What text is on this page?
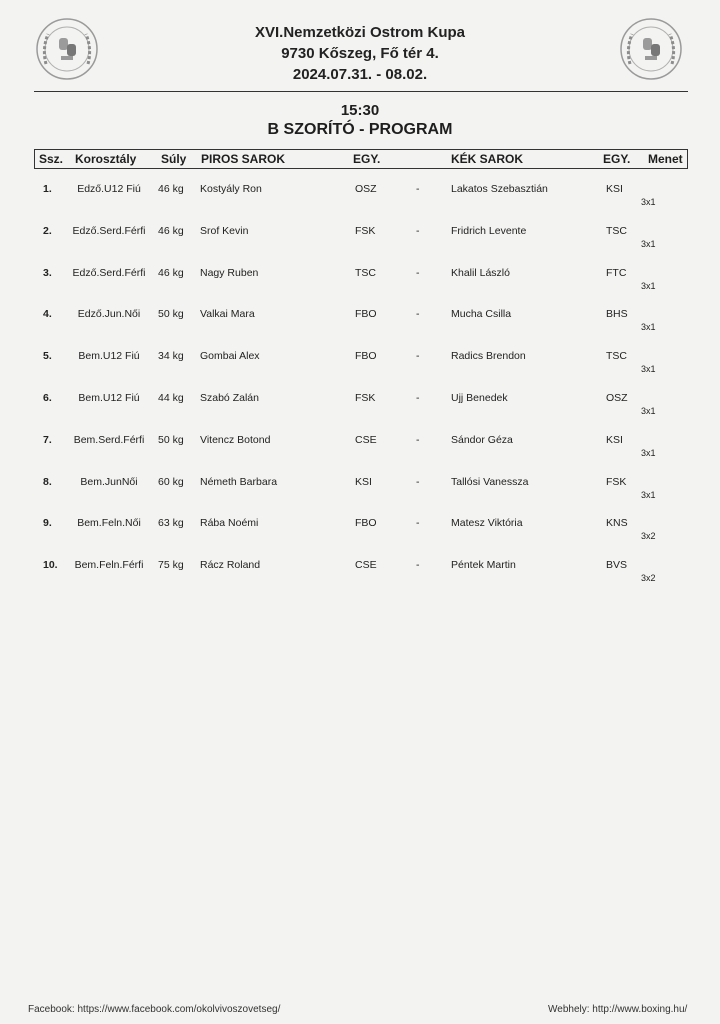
XVI.Nemzetközi Ostrom Kupa
9730 Kőszeg, Fő tér 4.
2024.07.31. - 08.02.
15:30
B SZORÍTÓ - PROGRAM
Ssz. Korosztály Súly PIROS SAROK	EGY.	KÉK SAROK	EGY. Menet
1.	Edző.U12 Fiú	46 kg Kostyály Ron	OSZ	-	Lakatos Szebasztián	KSI
3x1
2.	Edző.Serd.Férfi	46 kg Srof Kevin	FSK	-	Fridrich Levente	TSC
3x1
3.	Edző.Serd.Férfi	46 kg Nagy Ruben	TSC	-	Khalil László	FTC
3x1
4.	Edző.Jun.Női	50 kg Valkai Mara	FBO	-	Mucha Csilla	BHS
3x1
5.	Bem.U12 Fiú	34 kg Gombai Alex	FBO	-	Radics Brendon	TSC
3x1
6.	Bem.U12 Fiú	44 kg Szabó Zalán	FSK	-	Ujj Benedek	OSZ
3x1
7.	Bem.Serd.Férfi	50 kg Vitencz Botond	CSE	-	Sándor Géza	KSI
3x1
8.	Bem.JunNői	60 kg Németh Barbara	KSI	-	Tallósi Vanessza	FSK
3x1
9.	Bem.Feln.Női	63 kg Rába Noémi	FBO	-	Matesz Viktória	KNS
3x2
10.	Bem.Feln.Férfi	75 kg Rácz Roland	CSE	-	Péntek Martin	BVS
3x2
Facebook: https://www.facebook.com/okolvivoszovetseg/	Webhely: http://www.boxing.hu/
